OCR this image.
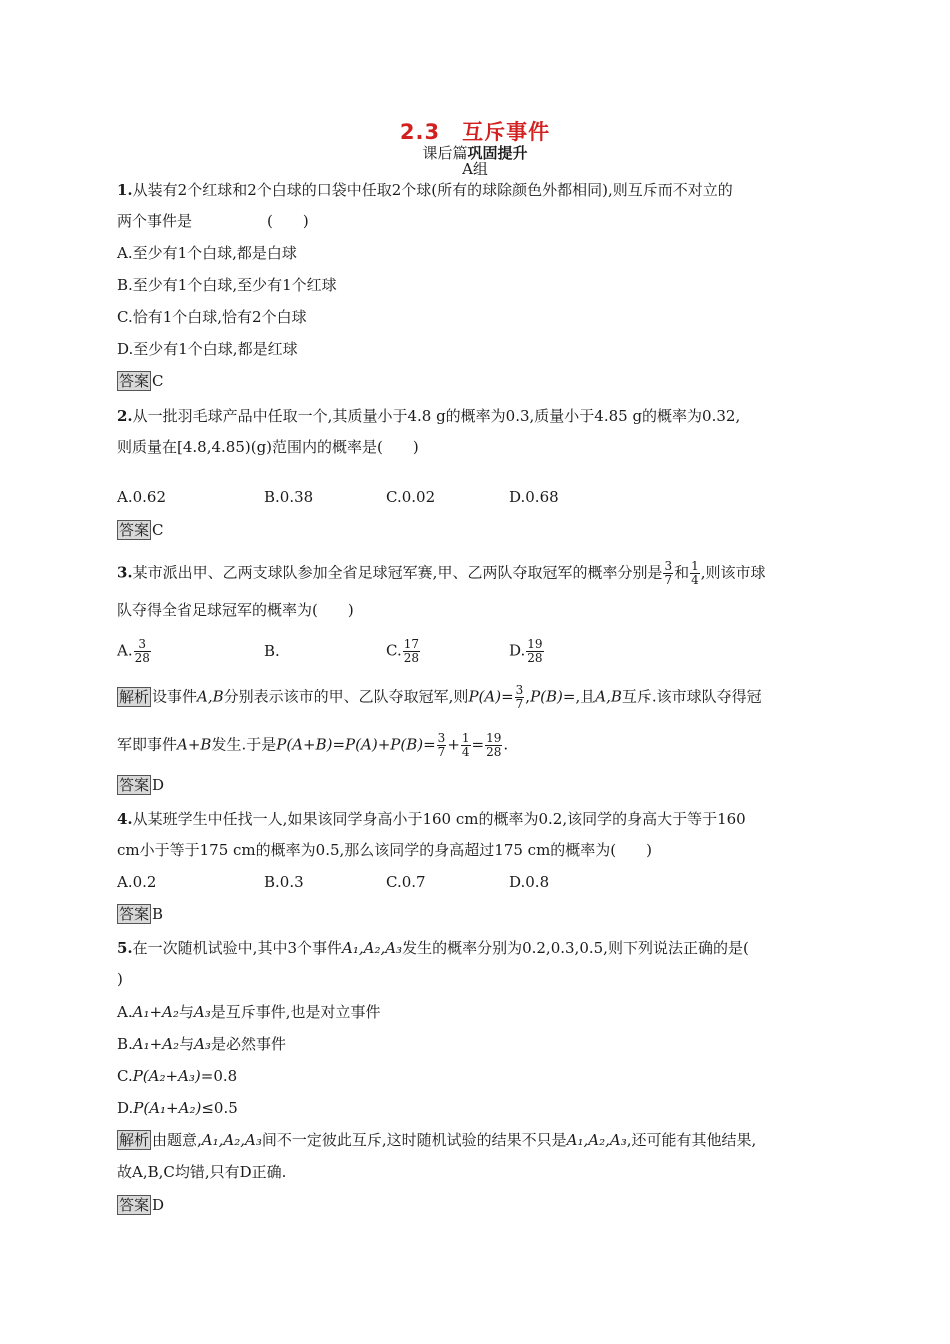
2.3　互斥事件
课后篇巩固提升
A组
1.从装有2个红球和2个白球的口袋中任取2个球(所有的球除颜色外都相同),则互斥而不对立的
两个事件是　　　　　(　　)
A.至少有1个白球,都是白球
B.至少有1个白球,至少有1个红球
C.恰有1个白球,恰有2个白球
D.至少有1个白球,都是红球
答案 C
2.从一批羽毛球产品中任取一个,其质量小于4.8 g的概率为0.3,质量小于4.85 g的概率为0.32,
则质量在[4.8,4.85)(g)范围内的概率是(　　)
A.0.62	B.0.38	C.0.02	D.0.68
答案 C
3.某市派出甲、乙两支球队参加全省足球冠军赛,甲、乙两队夺取冠军的概率分别是 $\frac{3}{7}$ 和 $\frac{1}{4}$ ,则该市球
队夺得全省足球冠军的概率为(　　)
A. $\frac{3}{28}$	B.	C. $\frac{17}{28}$	D. $\frac{19}{28}$
解析 设事件A,B分别表示该市的甲、乙队夺取冠军,则$P(A)= \frac{3}{7} ,P(B)=$,且A,B互斥.该市球队夺得冠
军即事件A+B发生.于是$P(A+B)=P(A)+P(B)= \frac{3}{7} + \frac{1}{4} = \frac{19}{28}$ .
答案 D
4.从某班学生中任找一人,如果该同学身高小于160 cm的概率为0.2,该同学的身高大于等于160
cm小于等于175 cm的概率为0.5,那么该同学的身高超过175 cm的概率为(　　)
A.0.2	B.0.3	C.0.7	D.0.8
答案 B
5.在一次随机试验中,其中3个事件A₁,A₂,A₃发生的概率分别为0.2,0.3,0.5,则下列说法正确的是(
)
A.A₁+A₂与A₃是互斥事件,也是对立事件
B.A₁+A₂与A₃是必然事件
C.P(A₂+A₃)=0.8
D.P(A₁+A₂)≤0.5
解析 由题意,A₁,A₂,A₃间不一定彼此互斥,这时随机试验的结果不只是A₁,A₂,A₃,还可能有其他结果,
故A,B,C均错,只有D正确.
答案 D
